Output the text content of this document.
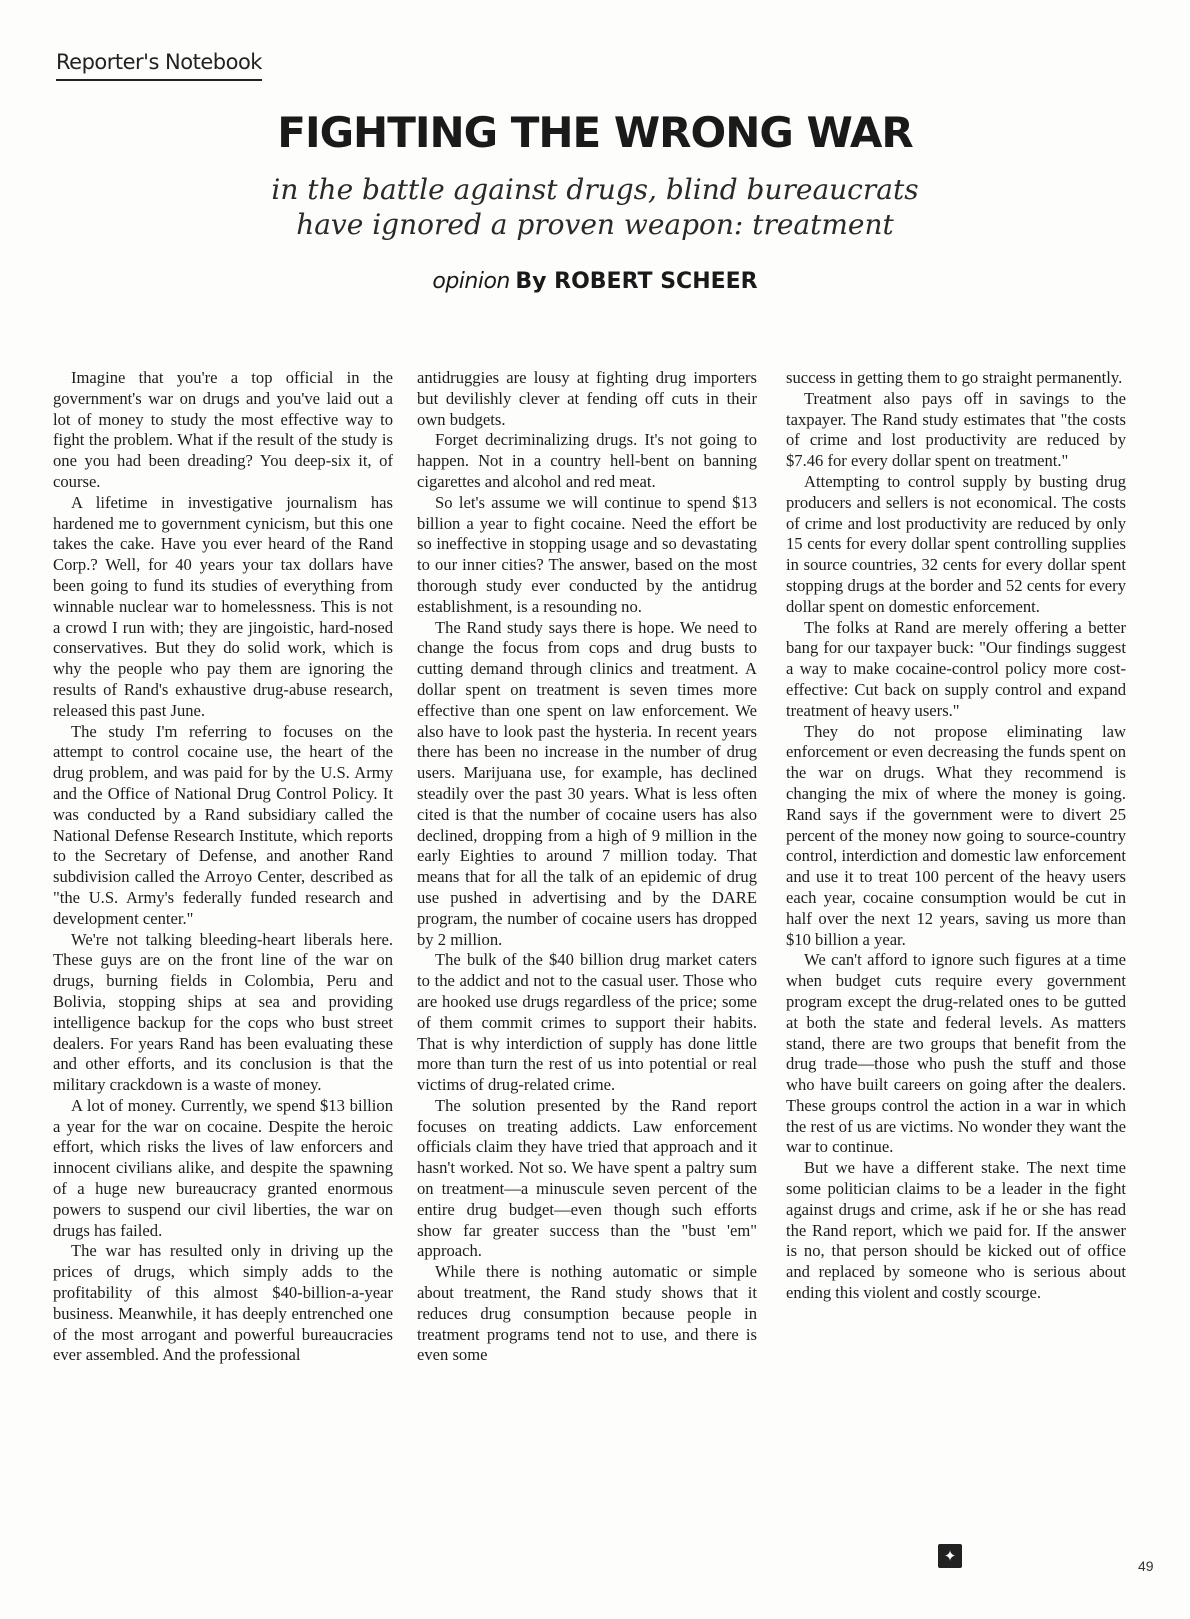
Reporter's Notebook
FIGHTING THE WRONG WAR
in the battle against drugs, blind bureaucrats
have ignored a proven weapon: treatment
opinion By ROBERT SCHEER

Imagine that you're a top official in the government's war on drugs and you've laid out a lot of money to study the most effective way to fight the problem. What if the result of the study is one you had been dreading? You deep-six it, of course.

A lifetime in investigative journalism has hardened me to government cynicism, but this one takes the cake. Have you ever heard of the Rand Corp.? Well, for 40 years your tax dollars have been going to fund its studies of everything from winnable nuclear war to homelessness. This is not a crowd I run with; they are jingoistic, hard-nosed conservatives. But they do solid work, which is why the people who pay them are ignoring the results of Rand's exhaustive drug-abuse research, released this past June.

The study I'm referring to focuses on the attempt to control cocaine use, the heart of the drug problem, and was paid for by the U.S. Army and the Office of National Drug Control Policy. It was conducted by a Rand subsidiary called the National Defense Research Institute, which reports to the Secretary of Defense, and another Rand subdivision called the Arroyo Center, described as "the U.S. Army's federally funded research and development center."

We're not talking bleeding-heart liberals here. These guys are on the front line of the war on drugs, burning fields in Colombia, Peru and Bolivia, stopping ships at sea and providing intelligence backup for the cops who bust street dealers. For years Rand has been evaluating these and other efforts, and its conclusion is that the military crackdown is a waste of money.

A lot of money. Currently, we spend $13 billion a year for the war on cocaine. Despite the heroic effort, which risks the lives of law enforcers and innocent civilians alike, and despite the spawning of a huge new bureaucracy granted enormous powers to suspend our civil liberties, the war on drugs has failed.

The war has resulted only in driving up the prices of drugs, which simply adds to the profitability of this almost $40-billion-a-year business. Meanwhile, it has deeply entrenched one of the most arrogant and powerful bureaucracies ever assembled. And the professional

antidruggies are lousy at fighting drug importers but devilishly clever at fending off cuts in their own budgets.

Forget decriminalizing drugs. It's not going to happen. Not in a country hell-bent on banning cigarettes and alcohol and red meat.

So let's assume we will continue to spend $13 billion a year to fight cocaine. Need the effort be so ineffective in stopping usage and so devastating to our inner cities? The answer, based on the most thorough study ever conducted by the antidrug establishment, is a resounding no.

The Rand study says there is hope. We need to change the focus from cops and drug busts to cutting demand through clinics and treatment. A dollar spent on treatment is seven times more effective than one spent on law enforcement. We also have to look past the hysteria. In recent years there has been no increase in the number of drug users. Marijuana use, for example, has declined steadily over the past 30 years. What is less often cited is that the number of cocaine users has also declined, dropping from a high of 9 million in the early Eighties to around 7 million today. That means that for all the talk of an epidemic of drug use pushed in advertising and by the DARE program, the number of cocaine users has dropped by 2 million.

The bulk of the $40 billion drug market caters to the addict and not to the casual user. Those who are hooked use drugs regardless of the price; some of them commit crimes to support their habits. That is why interdiction of supply has done little more than turn the rest of us into potential or real victims of drug-related crime.

The solution presented by the Rand report focuses on treating addicts. Law enforcement officials claim they have tried that approach and it hasn't worked. Not so. We have spent a paltry sum on treatment—a minuscule seven percent of the entire drug budget—even though such efforts show far greater success than the "bust 'em" approach.

While there is nothing automatic or simple about treatment, the Rand study shows that it reduces drug consumption because people in treatment programs tend not to use, and there is even some

success in getting them to go straight permanently.

Treatment also pays off in savings to the taxpayer. The Rand study estimates that "the costs of crime and lost productivity are reduced by $7.46 for every dollar spent on treatment."

Attempting to control supply by busting drug producers and sellers is not economical. The costs of crime and lost productivity are reduced by only 15 cents for every dollar spent controlling supplies in source countries, 32 cents for every dollar spent stopping drugs at the border and 52 cents for every dollar spent on domestic enforcement.

The folks at Rand are merely offering a better bang for our taxpayer buck: "Our findings suggest a way to make cocaine-control policy more cost-effective: Cut back on supply control and expand treatment of heavy users."

They do not propose eliminating law enforcement or even decreasing the funds spent on the war on drugs. What they recommend is changing the mix of where the money is going. Rand says if the government were to divert 25 percent of the money now going to source-country control, interdiction and domestic law enforcement and use it to treat 100 percent of the heavy users each year, cocaine consumption would be cut in half over the next 12 years, saving us more than $10 billion a year.

We can't afford to ignore such figures at a time when budget cuts require every government program except the drug-related ones to be gutted at both the state and federal levels. As matters stand, there are two groups that benefit from the drug trade—those who push the stuff and those who have built careers on going after the dealers. These groups control the action in a war in which the rest of us are victims. No wonder they want the war to continue.

But we have a different stake. The next time some politician claims to be a leader in the fight against drugs and crime, ask if he or she has read the Rand report, which we paid for. If the answer is no, that person should be kicked out of office and replaced by someone who is serious about ending this violent and costly scourge.

✦
49
